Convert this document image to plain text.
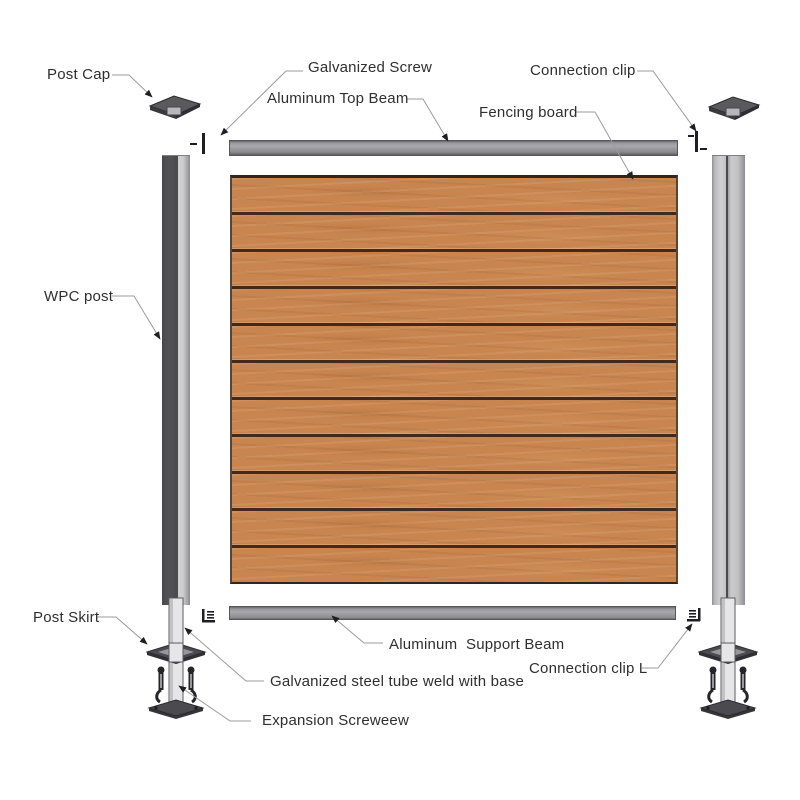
Post Cap	Galvanized Screw
Aluminum Top Beam
Connection clip
Fencing board
WPC post
Post Skirt
Aluminum  Support Beam
Galvanized steel tube weld with base
Expansion Screweew
Connection clip L
